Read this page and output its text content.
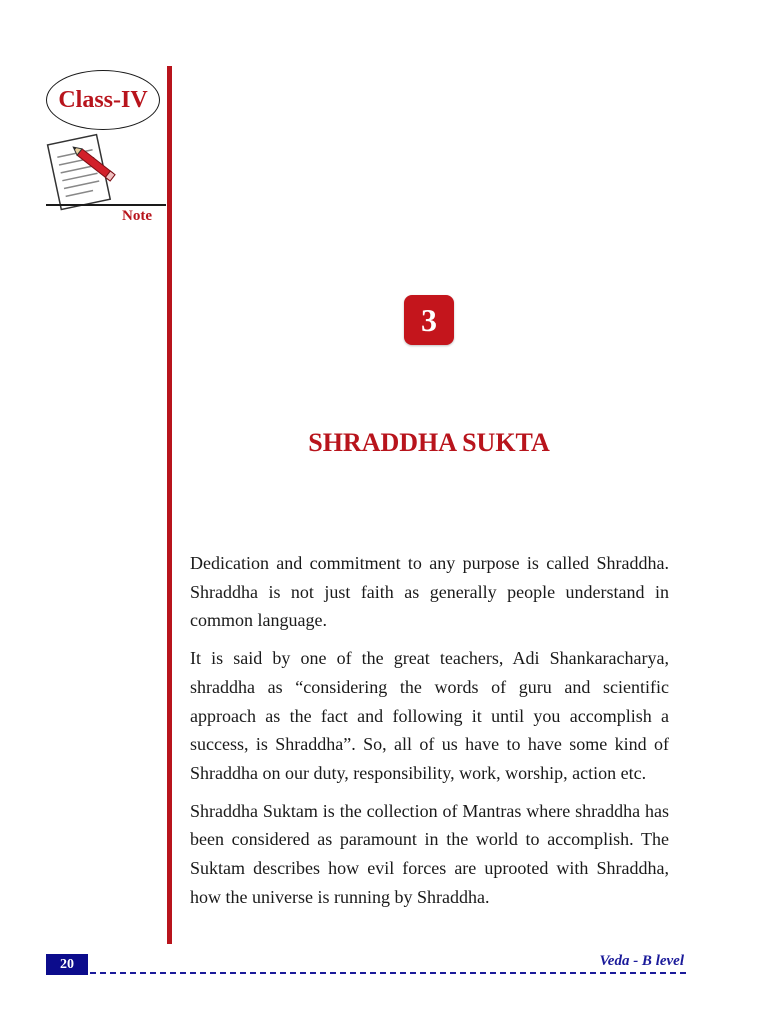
Class-IV
Note
3
SHRADDHA SUKTA

Dedication and commitment to any purpose is called Shraddha. Shraddha is not just faith as generally people understand in common language.

It is said by one of the great teachers, Adi Shankaracharya, shraddha as “considering the words of guru and scientific approach as the fact and following it until you accomplish a success, is Shraddha”. So, all of us have to have some kind of Shraddha on our duty, responsibility, work, worship, action etc.

Shraddha Suktam is the collection of Mantras where shraddha has been considered as paramount in the world to accomplish. The Suktam describes how evil forces are uprooted with Shraddha, how the universe is running by Shraddha.

20	Veda - B level
